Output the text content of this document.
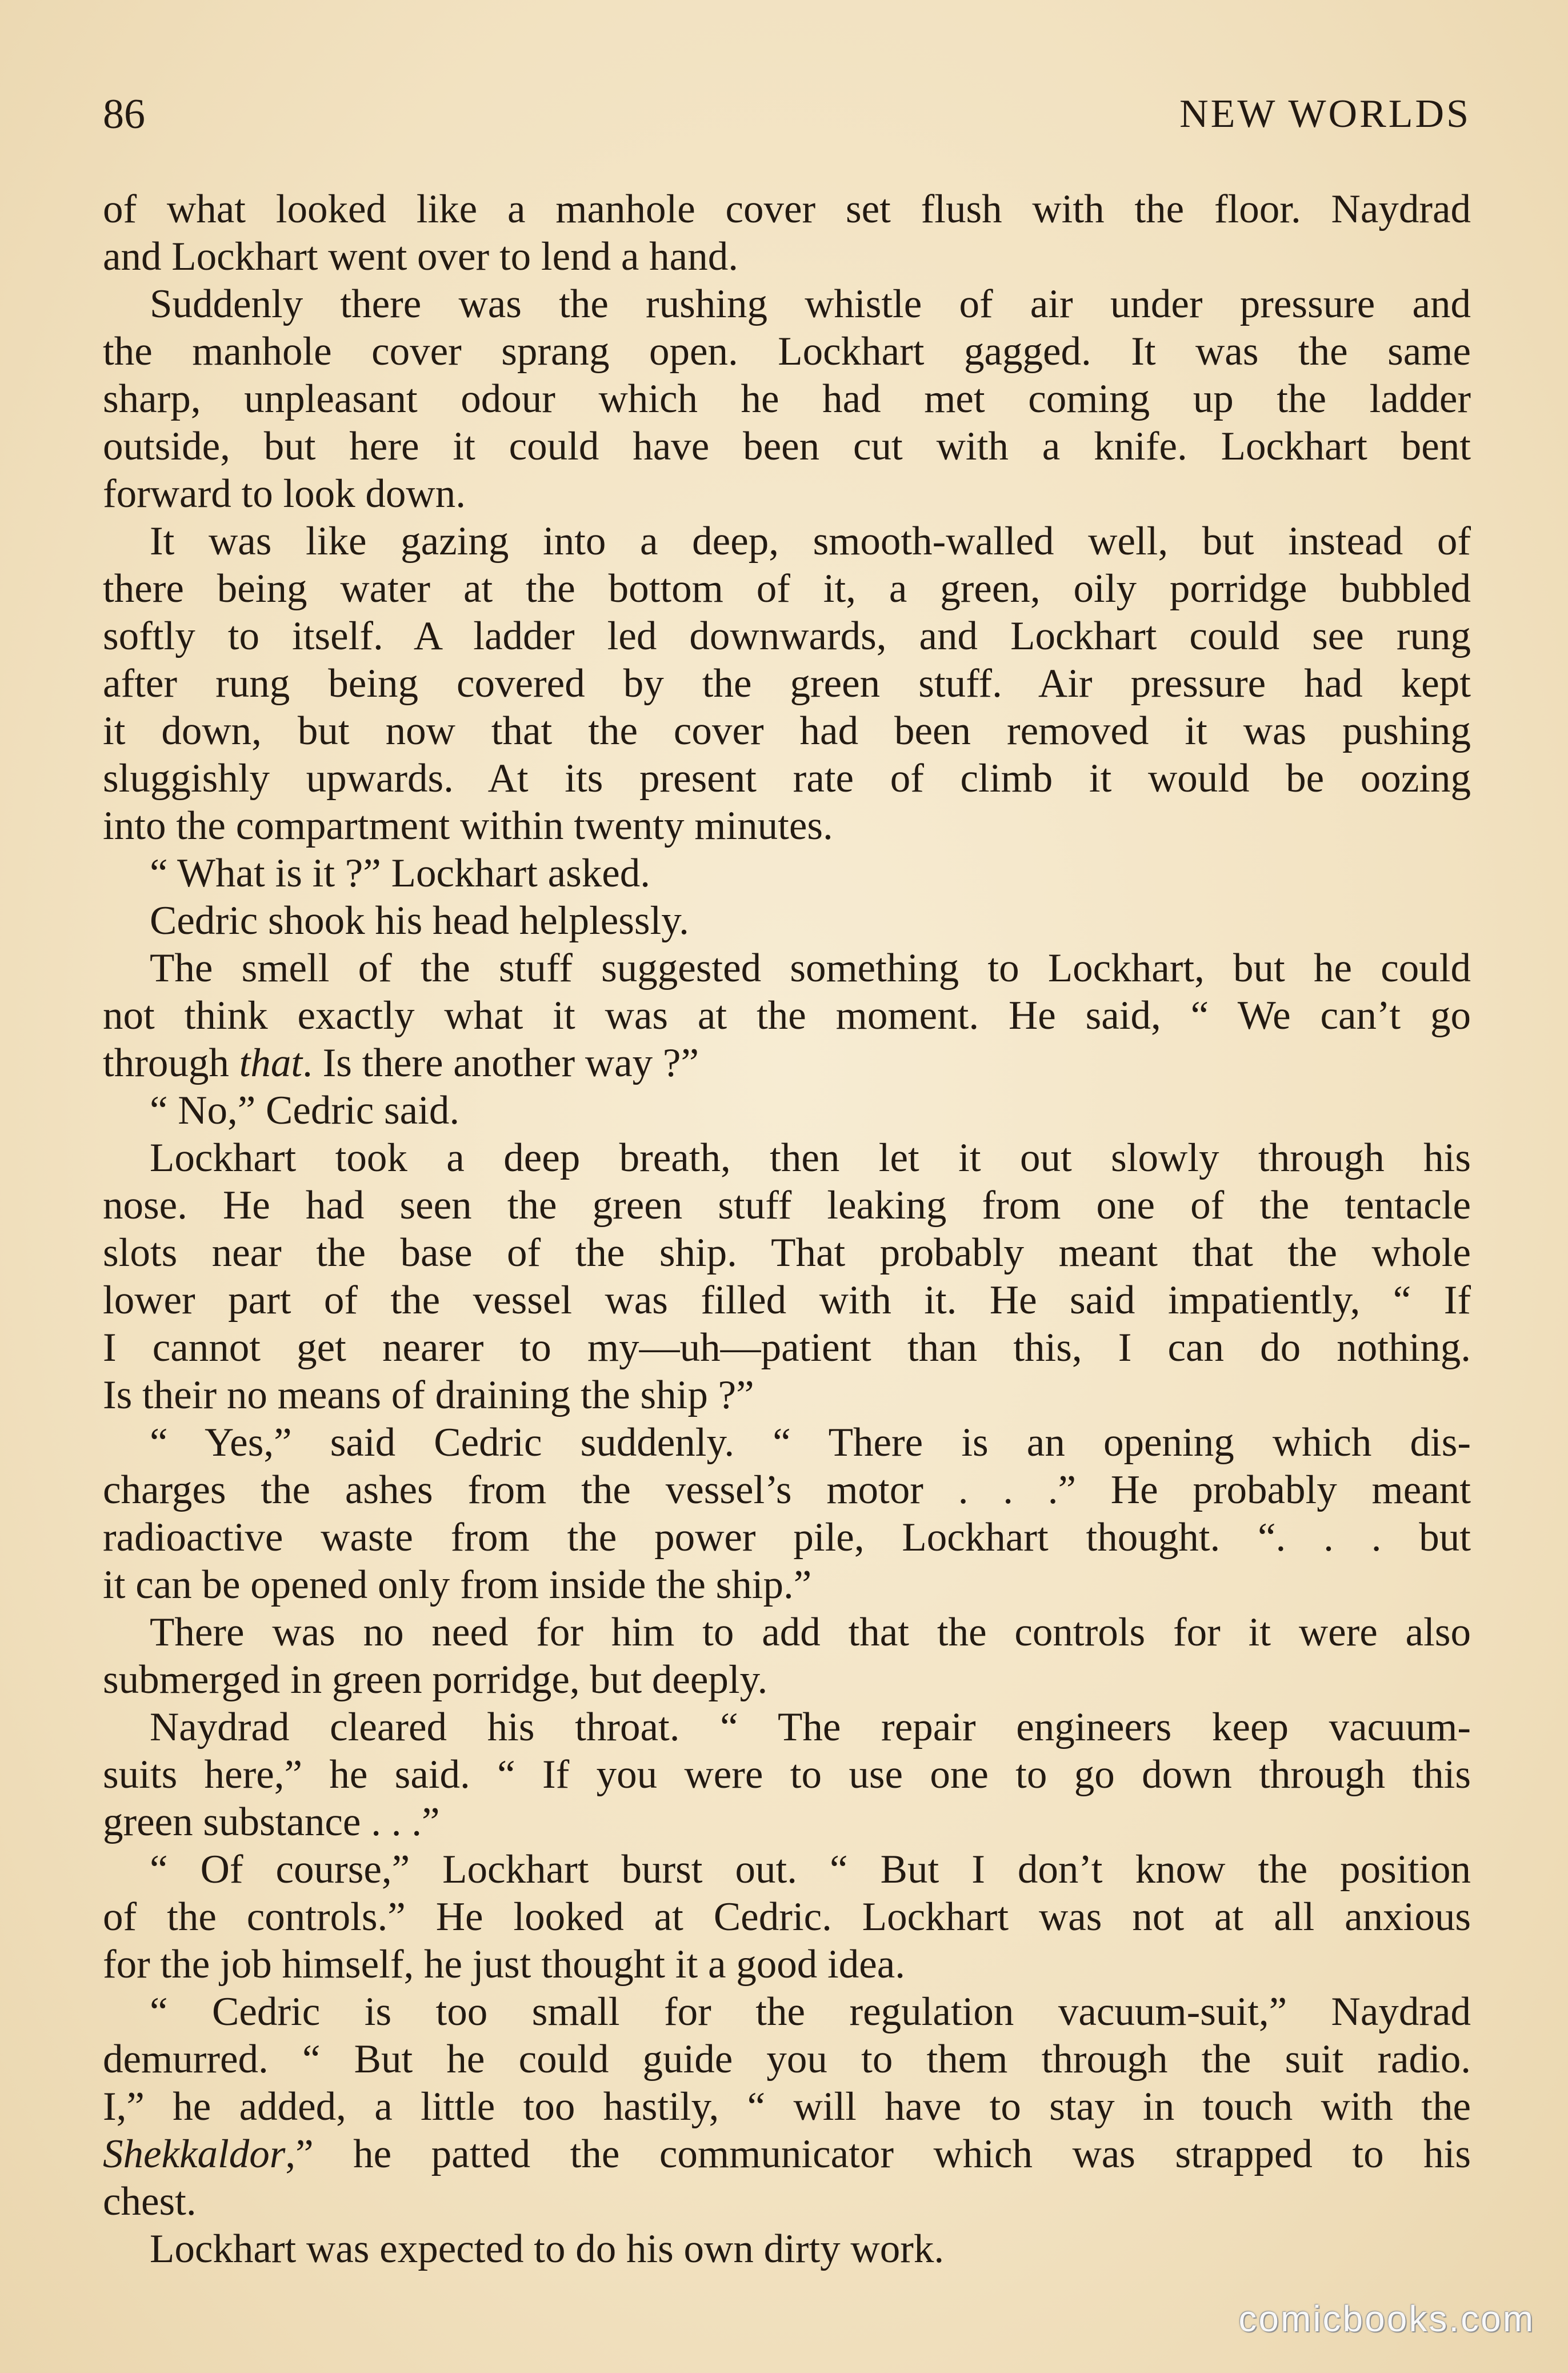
86	NEW WORLDS
of what looked like a manhole cover set flush with the floor. Naydrad
and Lockhart went over to lend a hand.
Suddenly there was the rushing whistle of air under pressure and
the manhole cover sprang open. Lockhart gagged. It was the same
sharp, unpleasant odour which he had met coming up the ladder
outside, but here it could have been cut with a knife. Lockhart bent
forward to look down.
It was like gazing into a deep, smooth-walled well, but instead of
there being water at the bottom of it, a green, oily porridge bubbled
softly to itself. A ladder led downwards, and Lockhart could see rung
after rung being covered by the green stuff. Air pressure had kept
it down, but now that the cover had been removed it was pushing
sluggishly upwards. At its present rate of climb it would be oozing
into the compartment within twenty minutes.
“ What is it ?” Lockhart asked.
Cedric shook his head helplessly.
The smell of the stuff suggested something to Lockhart, but he could
not think exactly what it was at the moment. He said, “ We can’t go
through that. Is there another way ?”
“ No,” Cedric said.
Lockhart took a deep breath, then let it out slowly through his
nose. He had seen the green stuff leaking from one of the tentacle
slots near the base of the ship. That probably meant that the whole
lower part of the vessel was filled with it. He said impatiently, “ If
I cannot get nearer to my—uh—patient than this, I can do nothing.
Is their no means of draining the ship ?”
“ Yes,” said Cedric suddenly. “ There is an opening which dis-
charges the ashes from the vessel’s motor . . .” He probably meant
radioactive waste from the power pile, Lockhart thought. “. . . but
it can be opened only from inside the ship.”
There was no need for him to add that the controls for it were also
submerged in green porridge, but deeply.
Naydrad cleared his throat. “ The repair engineers keep vacuum-
suits here,” he said. “ If you were to use one to go down through this
green substance . . .”
“ Of course,” Lockhart burst out. “ But I don’t know the position
of the controls.” He looked at Cedric. Lockhart was not at all anxious
for the job himself, he just thought it a good idea.
“ Cedric is too small for the regulation vacuum-suit,” Naydrad
demurred. “ But he could guide you to them through the suit radio.
I,” he added, a little too hastily, “ will have to stay in touch with the
Shekkaldor,” he patted the communicator which was strapped to his
chest.
Lockhart was expected to do his own dirty work.
comicbooks.com
